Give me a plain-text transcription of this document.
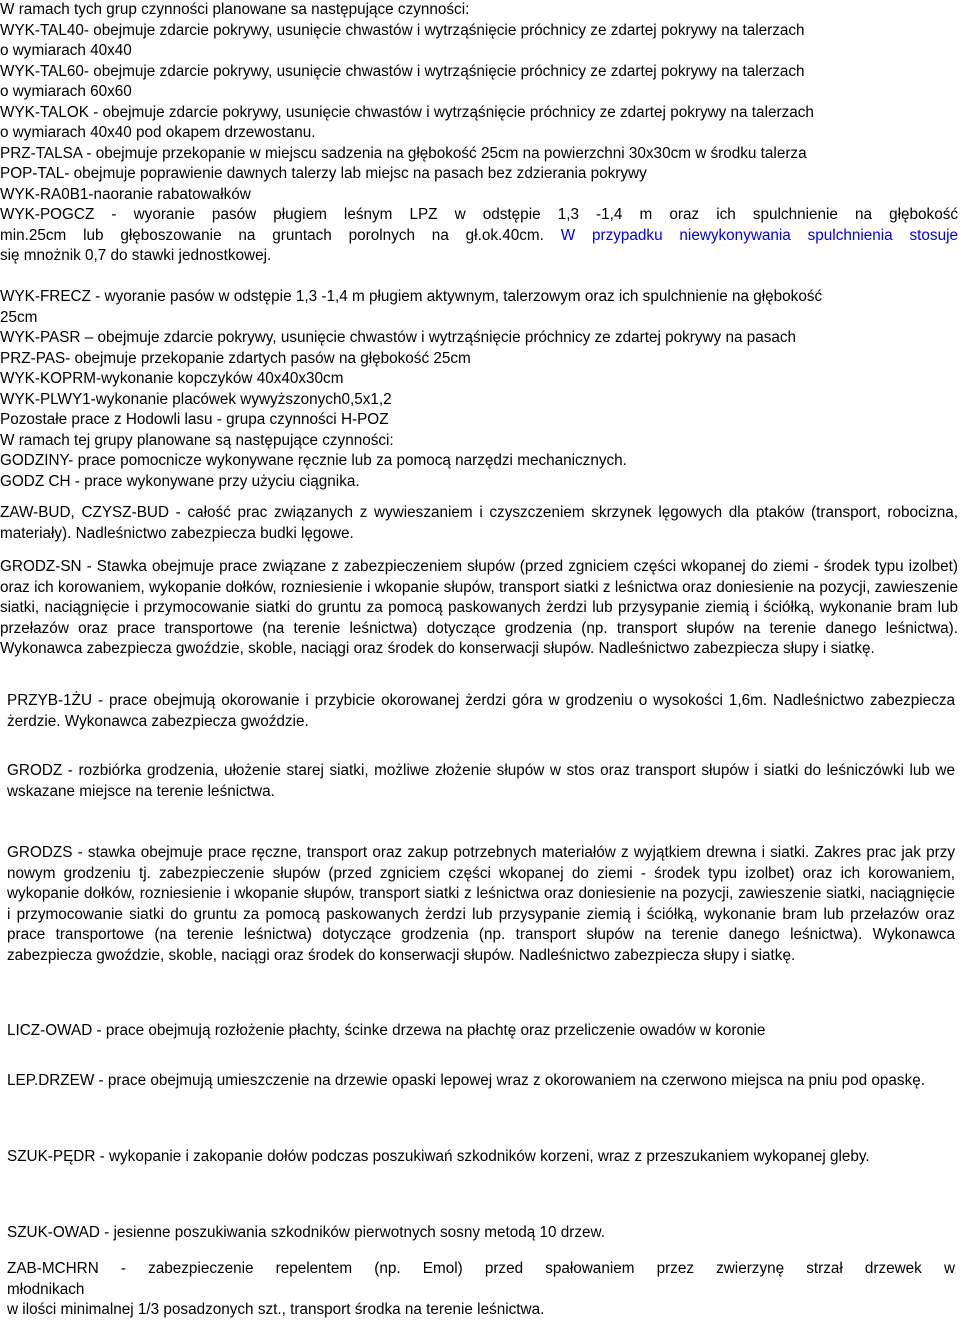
W ramach tych grup czynności planowane sa następujące czynności:
WYK-TAL40- obejmuje zdarcie pokrywy, usunięcie chwastów i wytrząśnięcie próchnicy ze zdartej pokrywy na talerzach
o wymiarach 40x40
WYK-TAL60- obejmuje zdarcie pokrywy, usunięcie chwastów i wytrząśnięcie próchnicy ze zdartej pokrywy na talerzach
o wymiarach 60x60
WYK-TALOK - obejmuje zdarcie pokrywy, usunięcie chwastów i wytrząśnięcie próchnicy ze zdartej pokrywy na talerzach
o wymiarach 40x40 pod okapem drzewostanu.
PRZ-TALSA - obejmuje przekopanie w miejscu sadzenia na głębokość 25cm na powierzchni 30x30cm w środku talerza
POP-TAL- obejmuje poprawienie dawnych talerzy lab miejsc na pasach bez zdzierania pokrywy
WYK-RA0B1-naoranie rabatowałków
WYK-POGCZ - wyoranie pasów pługiem leśnym LPZ w odstępie 1,3 -1,4 m oraz ich spulchnienie na głębokość
min.25cm lub głęboszowanie na gruntach porolnych na gł.ok.40cm. W przypadku niewykonywania spulchnienia stosuje
się mnożnik 0,7 do stawki jednostkowej.
WYK-FRECZ - wyoranie pasów w odstępie 1,3 -1,4 m pługiem aktywnym, talerzowym oraz ich spulchnienie na głębokość
25cm
WYK-PASR – obejmuje zdarcie pokrywy, usunięcie chwastów i wytrząśnięcie próchnicy ze zdartej pokrywy na pasach
PRZ-PAS- obejmuje przekopanie zdartych pasów na głębokość 25cm
WYK-KOPRM-wykonanie kopczyków 40x40x30cm
WYK-PLWY1-wykonanie placówek wywyższonych0,5x1,2
Pozostałe prace z Hodowli lasu - grupa czynności H-POZ
W ramach tej grupy planowane są następujące czynności:
GODZINY- prace pomocnicze wykonywane ręcznie lub za pomocą narzędzi mechanicznych.
GODZ CH - prace wykonywane przy użyciu ciągnika.

ZAW-BUD, CZYSZ-BUD - całość prac związanych z wywieszaniem i czyszczeniem skrzynek lęgowych dla ptaków (transport, robocizna, materiały). Nadleśnictwo zabezpiecza budki lęgowe.

GRODZ-SN - Stawka obejmuje prace związane z zabezpieczeniem słupów (przed zgniciem części wkopanej do ziemi - środek typu izolbet) oraz ich korowaniem, wykopanie dołków, rozniesienie i wkopanie słupów, transport siatki z leśnictwa oraz doniesienie na pozycji, zawieszenie siatki, naciągnięcie i przymocowanie siatki do gruntu za pomocą paskowanych żerdzi lub przysypanie ziemią i ściółką, wykonanie bram lub przełazów oraz prace transportowe (na terenie leśnictwa) dotyczące grodzenia (np. transport słupów na terenie danego leśnictwa). Wykonawca zabezpiecza gwoździe, skoble, naciągi oraz środek do konserwacji słupów. Nadleśnictwo zabezpiecza słupy i siatkę.

PRZYB-1ŻU - prace obejmują okorowanie i przybicie okorowanej żerdzi góra w grodzeniu o wysokości 1,6m. Nadleśnictwo zabezpiecza żerdzie. Wykonawca zabezpiecza gwoździe.

GRODZ - rozbiórka grodzenia, ułożenie starej siatki, możliwe złożenie słupów w stos oraz transport słupów i siatki do leśniczówki lub we wskazane miejsce na terenie leśnictwa.

GRODZS - stawka obejmuje prace ręczne, transport oraz zakup potrzebnych materiałów z wyjątkiem drewna i siatki. Zakres prac jak przy nowym grodzeniu tj. zabezpieczenie słupów (przed zgniciem części wkopanej do ziemi - środek typu izolbet) oraz ich korowaniem, wykopanie dołków, rozniesienie i wkopanie słupów, transport siatki z leśnictwa oraz doniesienie na pozycji, zawieszenie siatki, naciągnięcie i przymocowanie siatki do gruntu za pomocą paskowanych żerdzi lub przysypanie ziemią i ściółką, wykonanie bram lub przełazów oraz prace transportowe (na terenie leśnictwa) dotyczące grodzenia (np. transport słupów na terenie danego leśnictwa). Wykonawca zabezpiecza gwoździe, skoble, naciągi oraz środek do konserwacji słupów. Nadleśnictwo zabezpiecza słupy i siatkę.

LICZ-OWAD - prace obejmują rozłożenie płachty, ścinke drzewa na płachtę oraz przeliczenie owadów w koronie

LEP.DRZEW - prace obejmują umieszczenie na drzewie opaski lepowej wraz z okorowaniem na czerwono miejsca na pniu pod opaskę.

SZUK-PĘDR - wykopanie i zakopanie dołów podczas poszukiwań szkodników korzeni, wraz z przeszukaniem wykopanej gleby.

SZUK-OWAD - jesienne poszukiwania szkodników pierwotnych sosny metodą 10 drzew.

ZAB-MCHRN - zabezpieczenie repelentem (np. Emol) przed spałowaniem przez zwierzynę strzał drzewek w
młodnikach
w ilości minimalnej 1/3 posadzonych szt., transport środka na terenie leśnictwa.
